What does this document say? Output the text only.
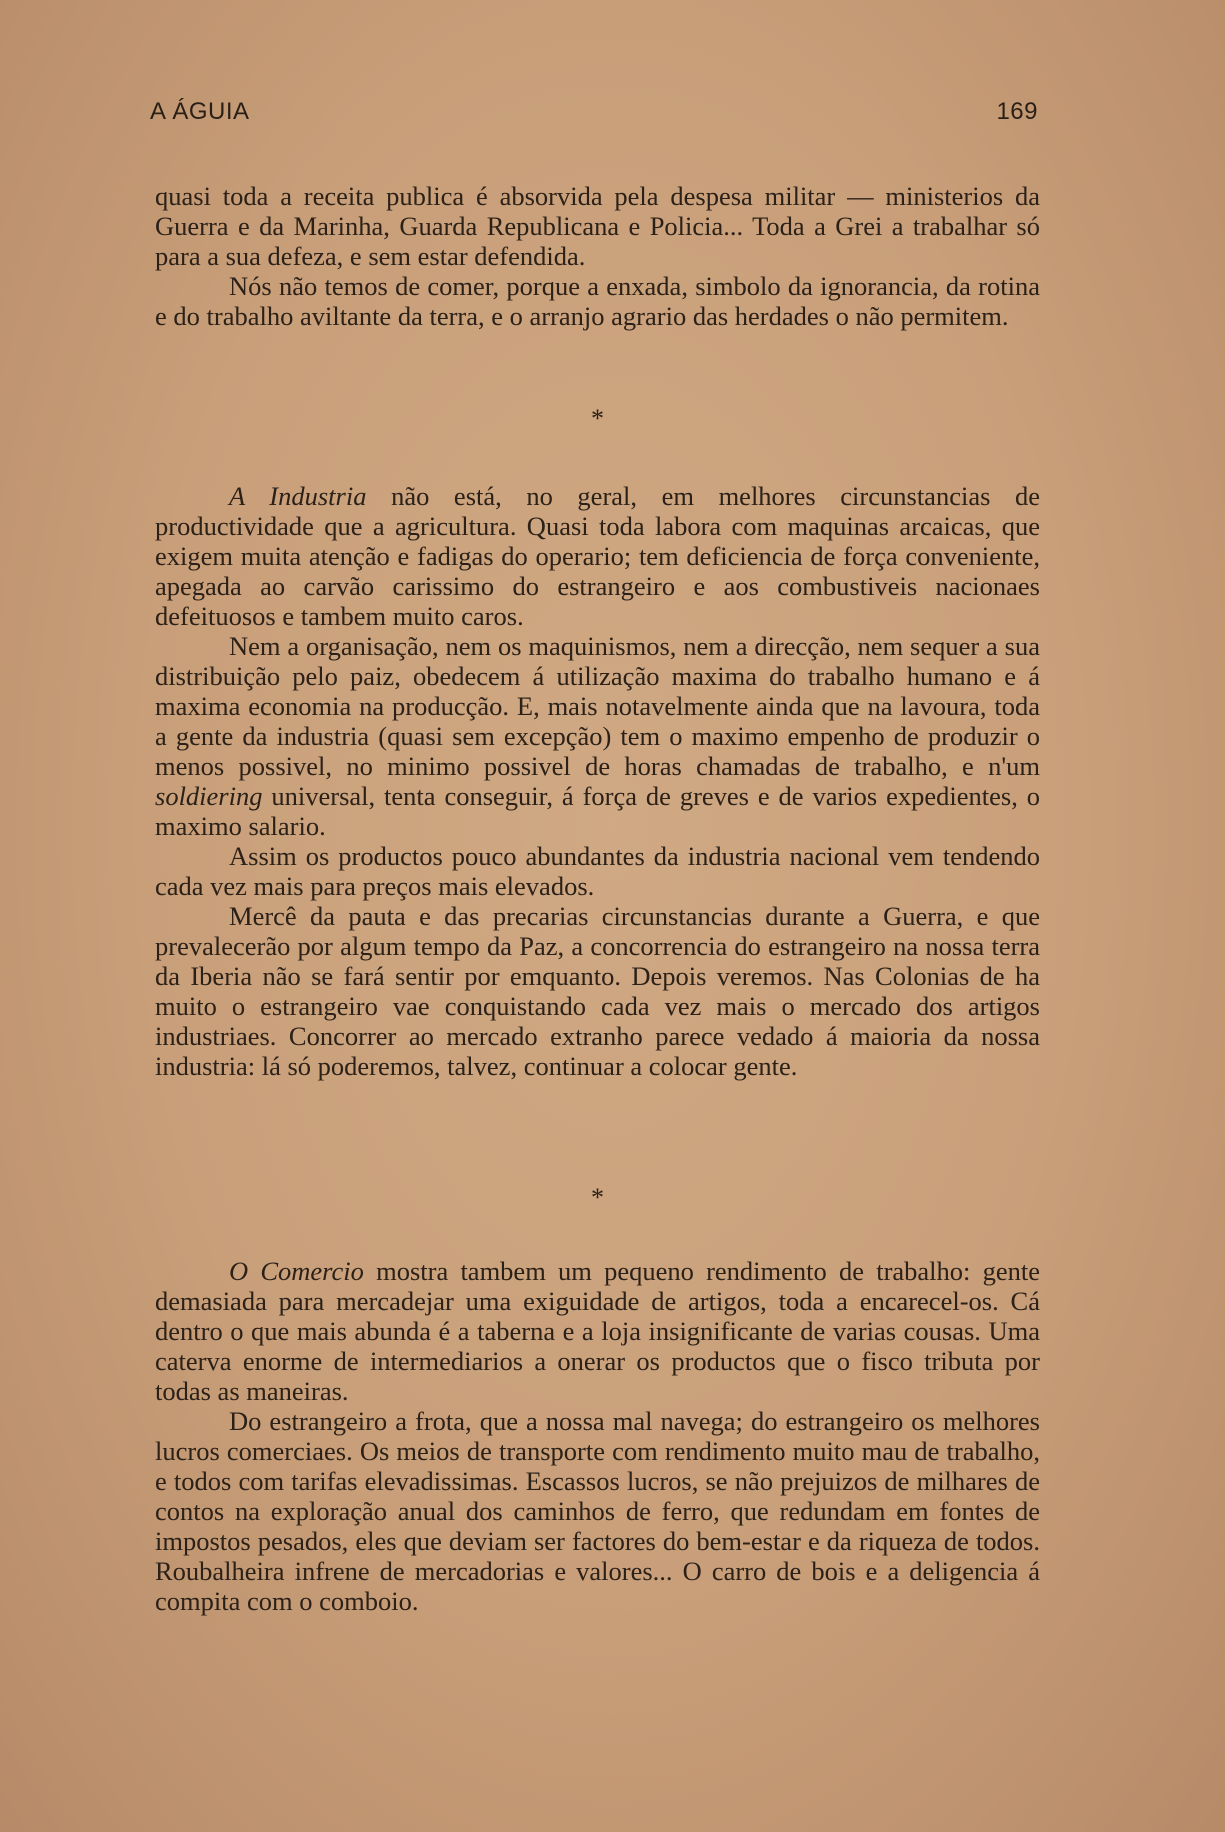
A ÁGUIA	169

quasi toda a receita publica é absorvida pela despesa militar — ministerios da Guerra e da Marinha, Guarda Republicana e Policia... Toda a Grei a trabalhar só para a sua defeza, e sem estar defendida.

Nós não temos de comer, porque a enxada, simbolo da ignorancia, da rotina e do trabalho aviltante da terra, e o arranjo agrario das herdades o não permitem.

*

A Industria não está, no geral, em melhores circunstancias de productividade que a agricultura. Quasi toda labora com maquinas arcaicas, que exigem muita atenção e fadigas do operario; tem deficiencia de força conveniente, apegada ao carvão carissimo do estrangeiro e aos combustiveis nacionaes defeituosos e tambem muito caros.

Nem a organisação, nem os maquinismos, nem a direcção, nem sequer a sua distribuição pelo paiz, obedecem á utilização maxima do trabalho humano e á maxima economia na producção. E, mais notavelmente ainda que na lavoura, toda a gente da industria (quasi sem excepção) tem o maximo empenho de produzir o menos possivel, no minimo possivel de horas chamadas de trabalho, e n'um soldiering universal, tenta conseguir, á força de greves e de varios expedientes, o maximo salario.

Assim os productos pouco abundantes da industria nacional vem tendendo cada vez mais para preços mais elevados.

Mercê da pauta e das precarias circunstancias durante a Guerra, e que prevalecerão por algum tempo da Paz, a concorrencia do estrangeiro na nossa terra da Iberia não se fará sentir por emquanto. Depois veremos. Nas Colonias de ha muito o estrangeiro vae conquistando cada vez mais o mercado dos artigos industriaes. Concorrer ao mercado extranho parece vedado á maioria da nossa industria: lá só poderemos, talvez, continuar a colocar gente.

*

O Comercio mostra tambem um pequeno rendimento de trabalho: gente demasiada para mercadejar uma exiguidade de artigos, toda a encarecel-os. Cá dentro o que mais abunda é a taberna e a loja insignificante de varias cousas. Uma caterva enorme de intermediarios a onerar os productos que o fisco tributa por todas as maneiras.

Do estrangeiro a frota, que a nossa mal navega; do estrangeiro os melhores lucros comerciaes. Os meios de transporte com rendimento muito mau de trabalho, e todos com tarifas elevadissimas. Escassos lucros, se não prejuizos de milhares de contos na exploração anual dos caminhos de ferro, que redundam em fontes de impostos pesados, eles que deviam ser factores do bem-estar e da riqueza de todos. Roubalheira infrene de mercadorias e valores... O carro de bois e a deligencia á compita com o comboio.
